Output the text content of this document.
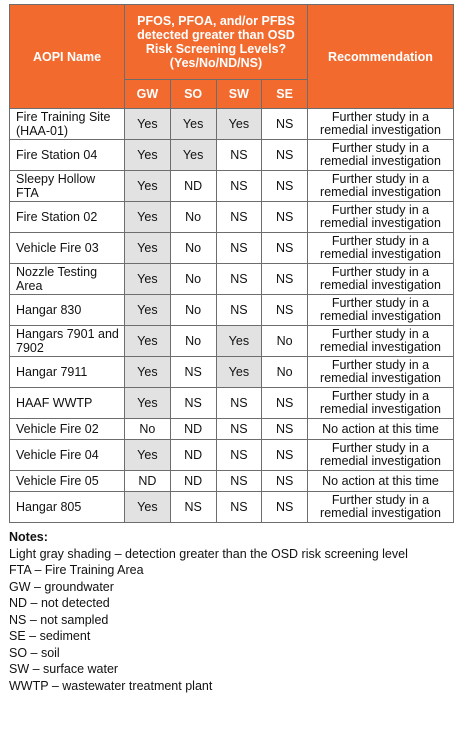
AOPI Name	PFOS, PFOA, and/or PFBS detected greater than OSD Risk Screening Levels? (Yes/No/ND/NS)				Recommendation
	GW	SO	SW	SE	
Fire Training Site (HAA-01)	Yes	Yes	Yes	NS	Further study in a remedial investigation
Fire Station 04	Yes	Yes	NS	NS	Further study in a remedial investigation
Sleepy Hollow FTA	Yes	ND	NS	NS	Further study in a remedial investigation
Fire Station 02	Yes	No	NS	NS	Further study in a remedial investigation
Vehicle Fire 03	Yes	No	NS	NS	Further study in a remedial investigation
Nozzle Testing Area	Yes	No	NS	NS	Further study in a remedial investigation
Hangar 830	Yes	No	NS	NS	Further study in a remedial investigation
Hangars 7901 and 7902	Yes	No	Yes	No	Further study in a remedial investigation
Hangar 7911	Yes	NS	Yes	No	Further study in a remedial investigation
HAAF WWTP	Yes	NS	NS	NS	Further study in a remedial investigation
Vehicle Fire 02	No	ND	NS	NS	No action at this time
Vehicle Fire 04	Yes	ND	NS	NS	Further study in a remedial investigation
Vehicle Fire 05	ND	ND	NS	NS	No action at this time
Hangar 805	Yes	NS	NS	NS	Further study in a remedial investigation
Notes:
Light gray shading – detection greater than the OSD risk screening level
FTA – Fire Training Area
GW – groundwater
ND – not detected
NS – not sampled
SE – sediment
SO – soil
SW – surface water
WWTP – wastewater treatment plant
